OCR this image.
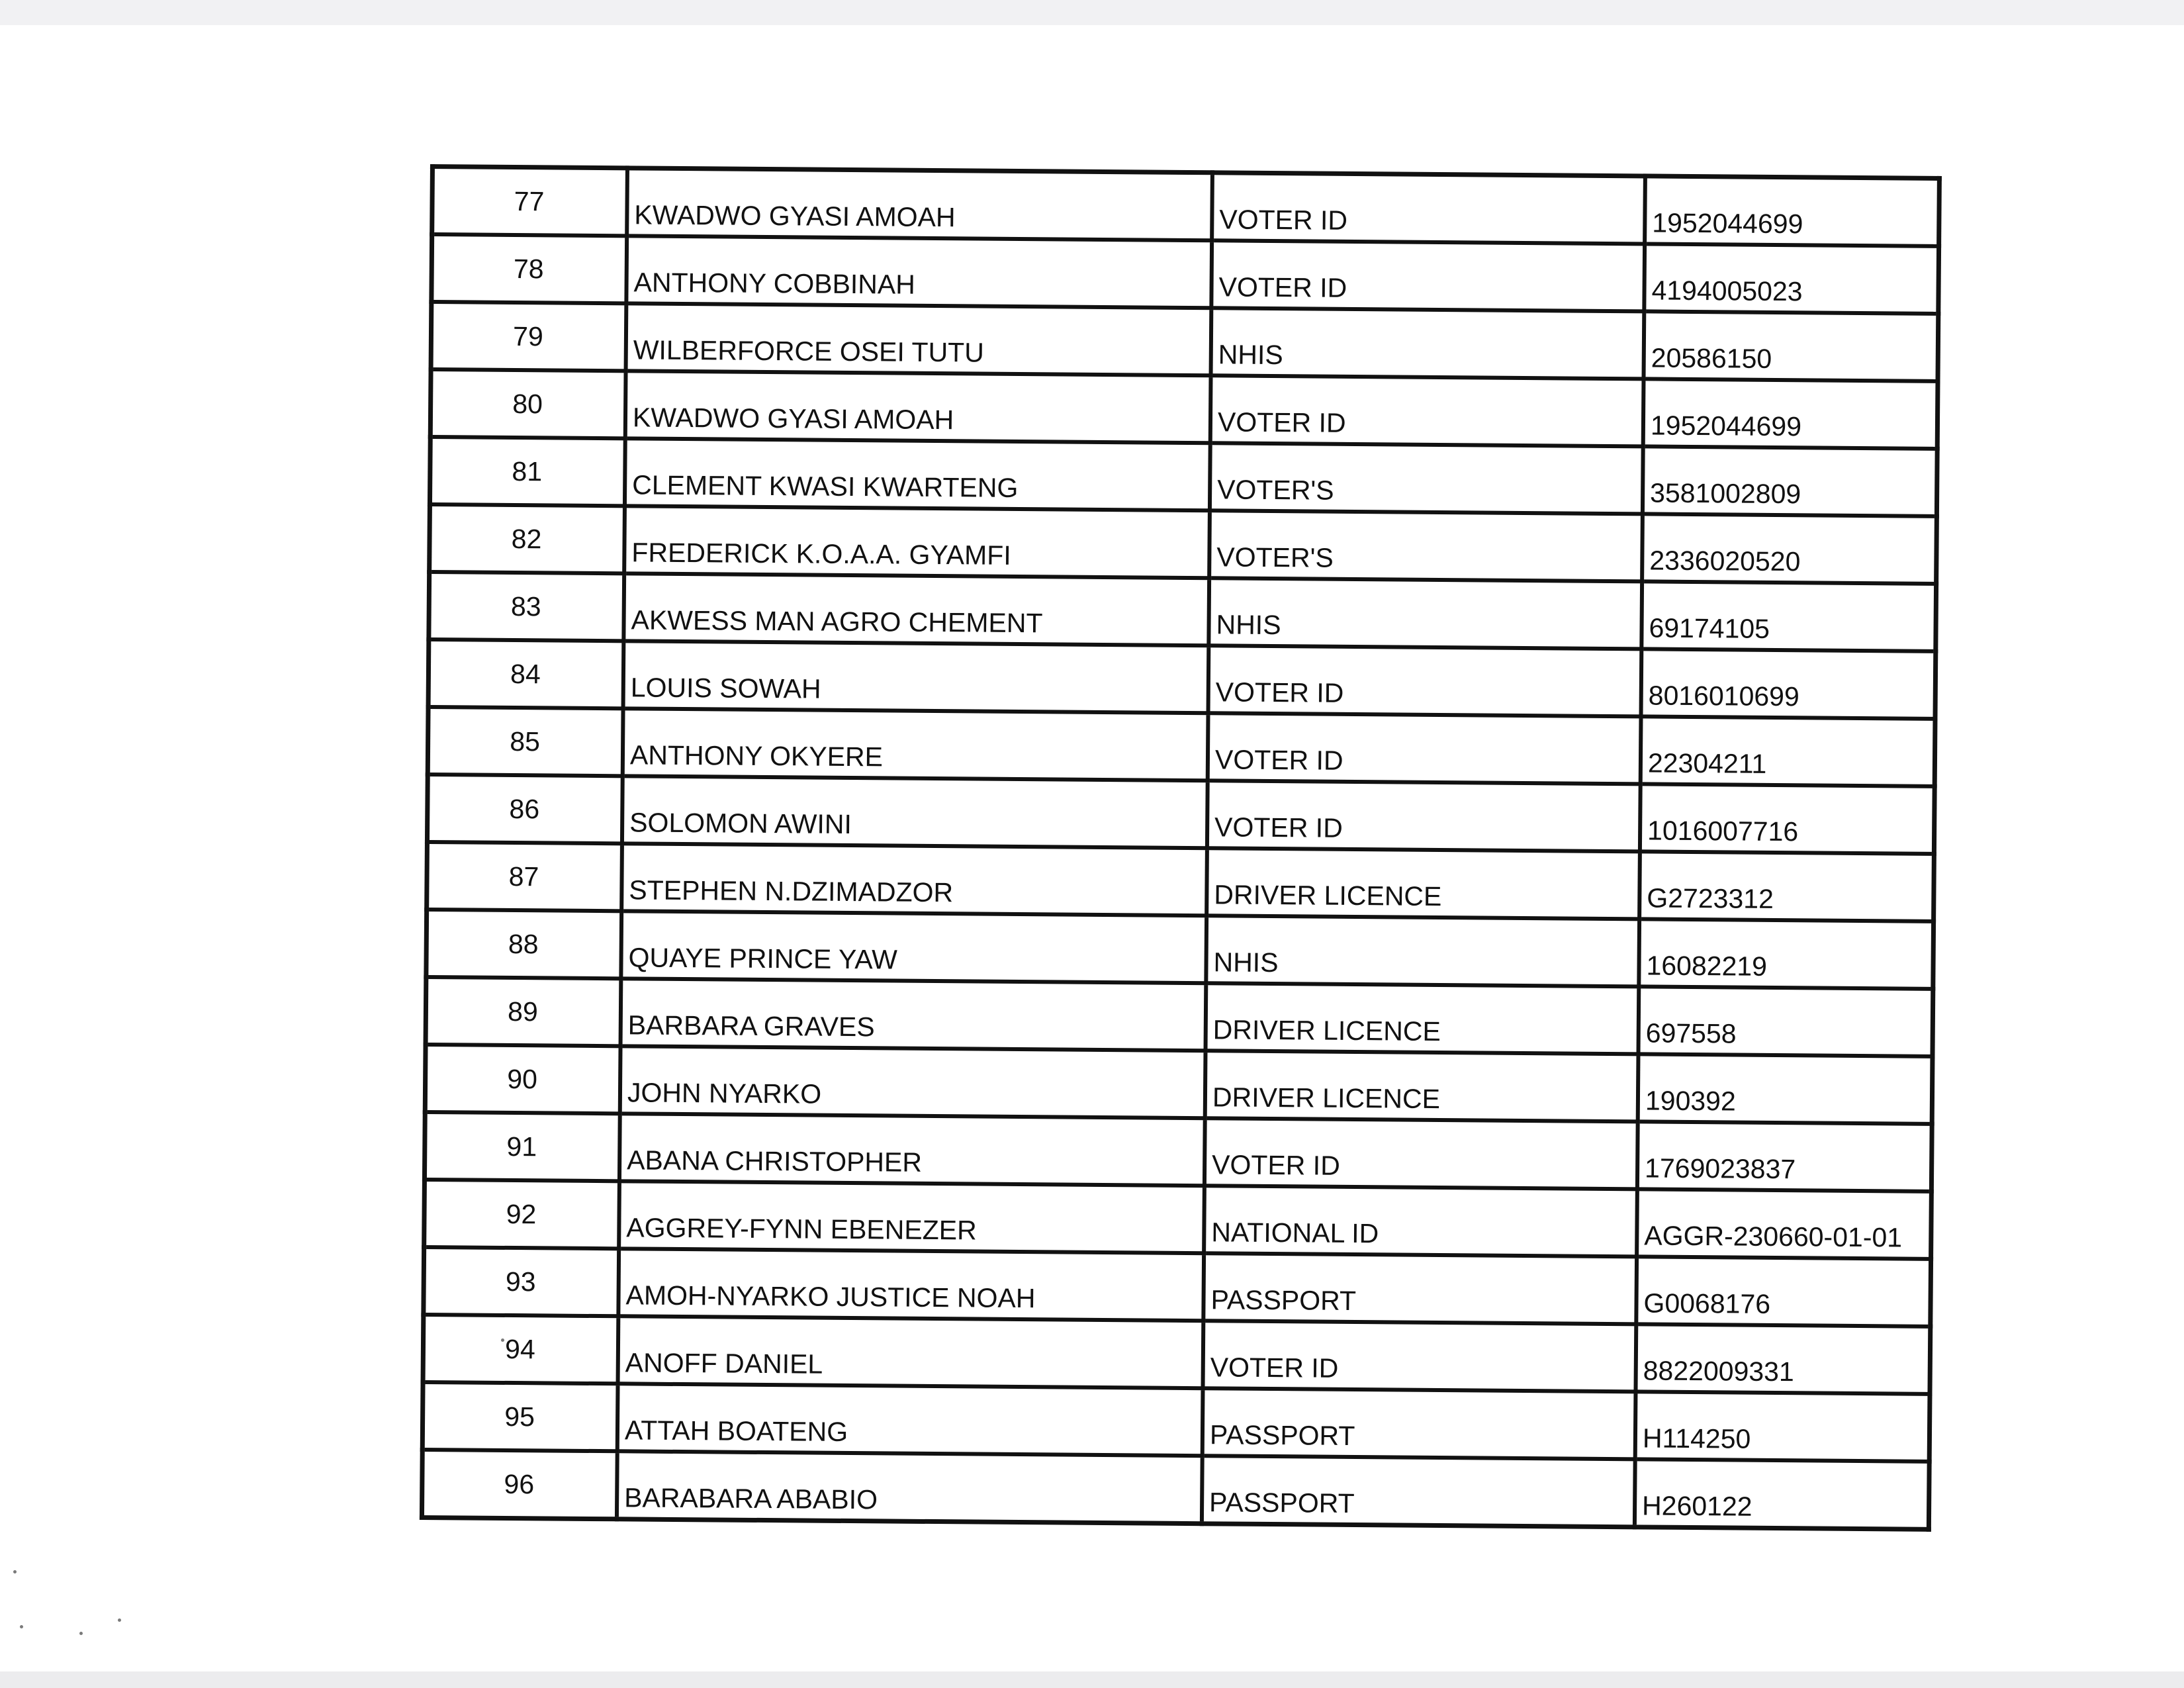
77	KWADWO GYASI AMOAH	VOTER ID	1952044699
78	ANTHONY COBBINAH	VOTER ID	4194005023
79	WILBERFORCE OSEI TUTU	NHIS	20586150
80	KWADWO GYASI AMOAH	VOTER ID	1952044699
81	CLEMENT KWASI KWARTENG	VOTER'S	3581002809
82	FREDERICK K.O.A.A. GYAMFI	VOTER'S	2336020520
83	AKWESS MAN AGRO CHEMENT	NHIS	69174105
84	LOUIS SOWAH	VOTER ID	8016010699
85	ANTHONY OKYERE	VOTER ID	22304211
86	SOLOMON AWINI	VOTER ID	1016007716
87	STEPHEN N.DZIMADZOR	DRIVER LICENCE	G2723312
88	QUAYE PRINCE YAW	NHIS	16082219
89	BARBARA GRAVES	DRIVER LICENCE	697558
90	JOHN NYARKO	DRIVER LICENCE	190392
91	ABANA CHRISTOPHER	VOTER ID	1769023837
92	AGGREY-FYNN EBENEZER	NATIONAL ID	AGGR-230660-01-01
93	AMOH-NYARKO JUSTICE NOAH	PASSPORT	G0068176
94	ANOFF DANIEL	VOTER ID	8822009331
95	ATTAH BOATENG	PASSPORT	H114250
96	BARABARA ABABIO	PASSPORT	H260122
